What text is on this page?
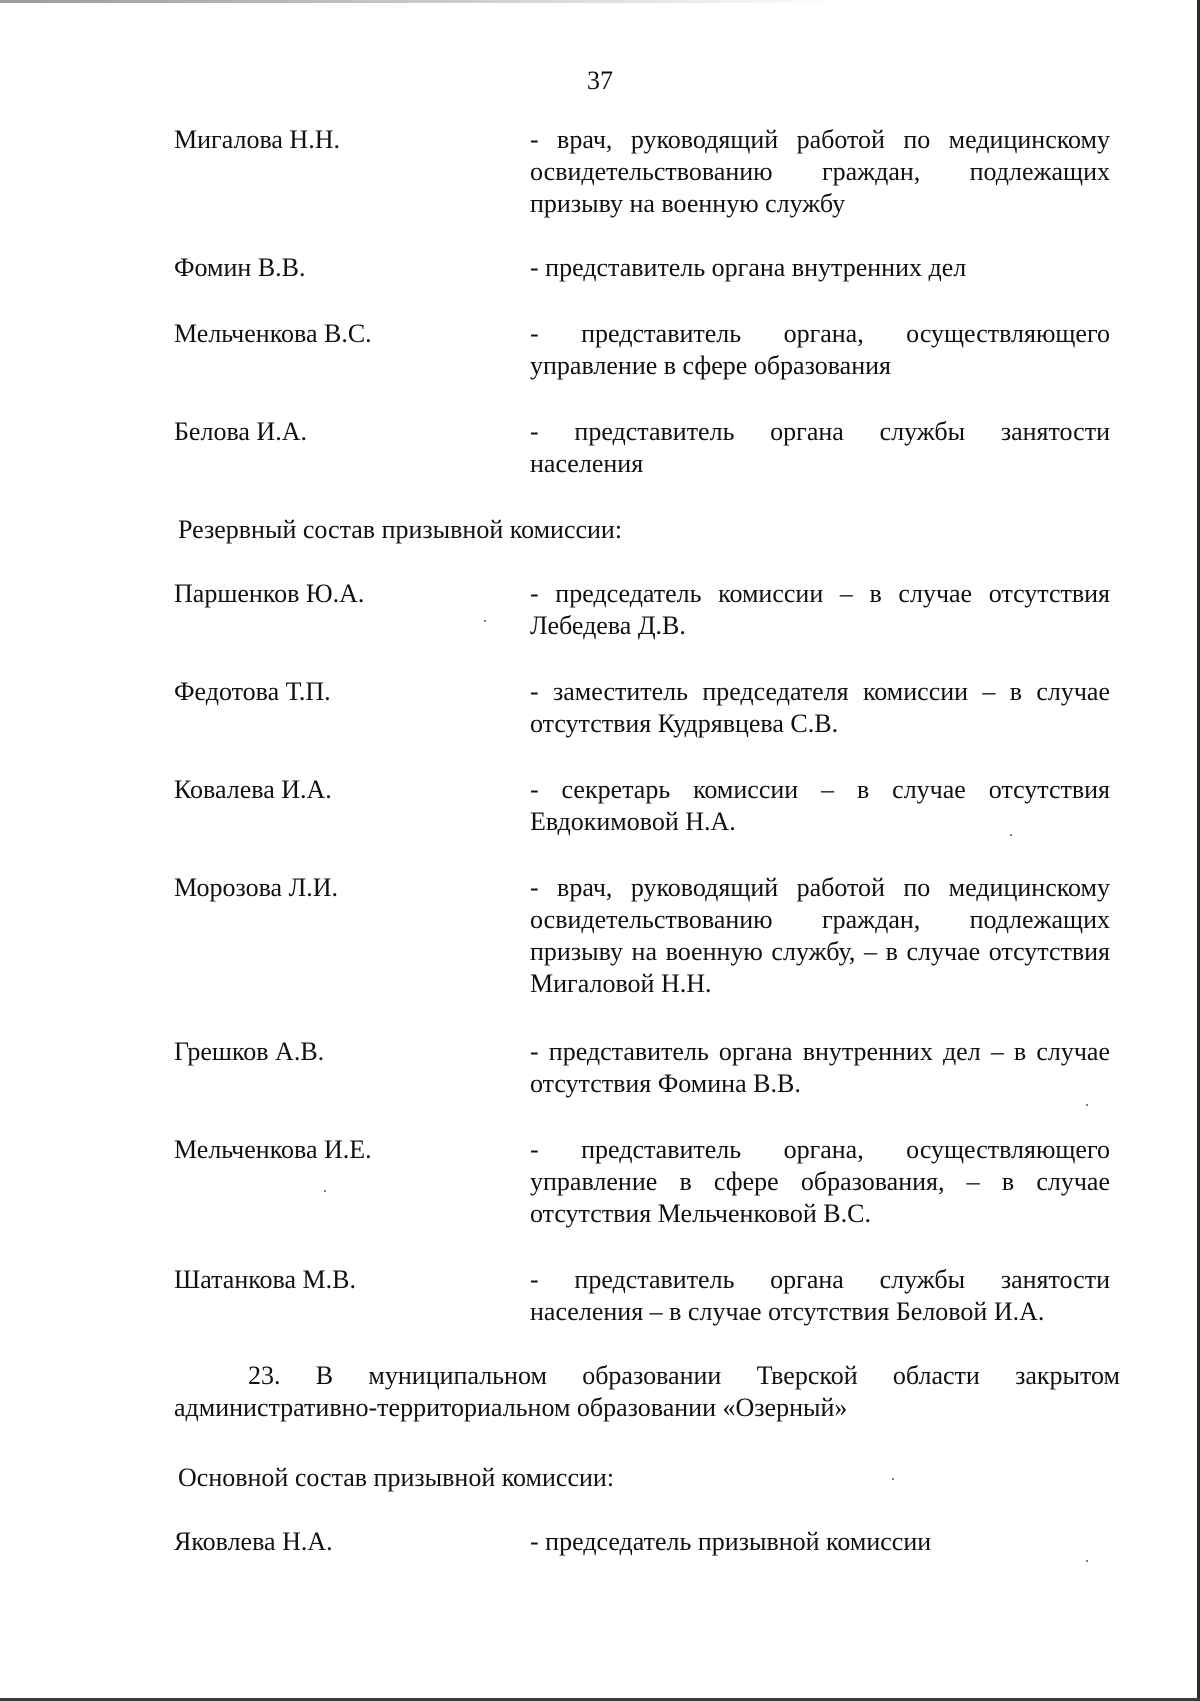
37
Мигалова Н.Н.	- врач, руководящий работой по медицинскому освидетельствованию граждан, подлежащих призыву на военную службу
Фомин В.В.	- представитель органа внутренних дел
Мельченкова В.С.	- представитель органа, осуществляющего управление в сфере образования
Белова И.А.	- представитель органа службы занятости населения
Резервный состав призывной комиссии:
Паршенков Ю.А.	- председатель комиссии – в случае отсутствия Лебедева Д.В.
Федотова Т.П.	- заместитель председателя комиссии – в случае отсутствия Кудрявцева С.В.
Ковалева И.А.	- секретарь комиссии – в случае отсутствия Евдокимовой Н.А.
Морозова Л.И.	- врач, руководящий работой по медицинскому освидетельствованию граждан, подлежащих призыву на военную службу, – в случае отсутствия Мигаловой Н.Н.
Грешков А.В.	- представитель органа внутренних дел – в случае отсутствия Фомина В.В.
Мельченкова И.Е.	- представитель органа, осуществляющего управление в сфере образования, – в случае отсутствия Мельченковой В.С.
Шатанкова М.В.	- представитель органа службы занятости населения – в случае отсутствия Беловой И.А.
23. В муниципальном образовании Тверской области закрытом
административно-территориальном образовании «Озерный»
Основной состав призывной комиссии:
Яковлева Н.А.	- председатель призывной комиссии
